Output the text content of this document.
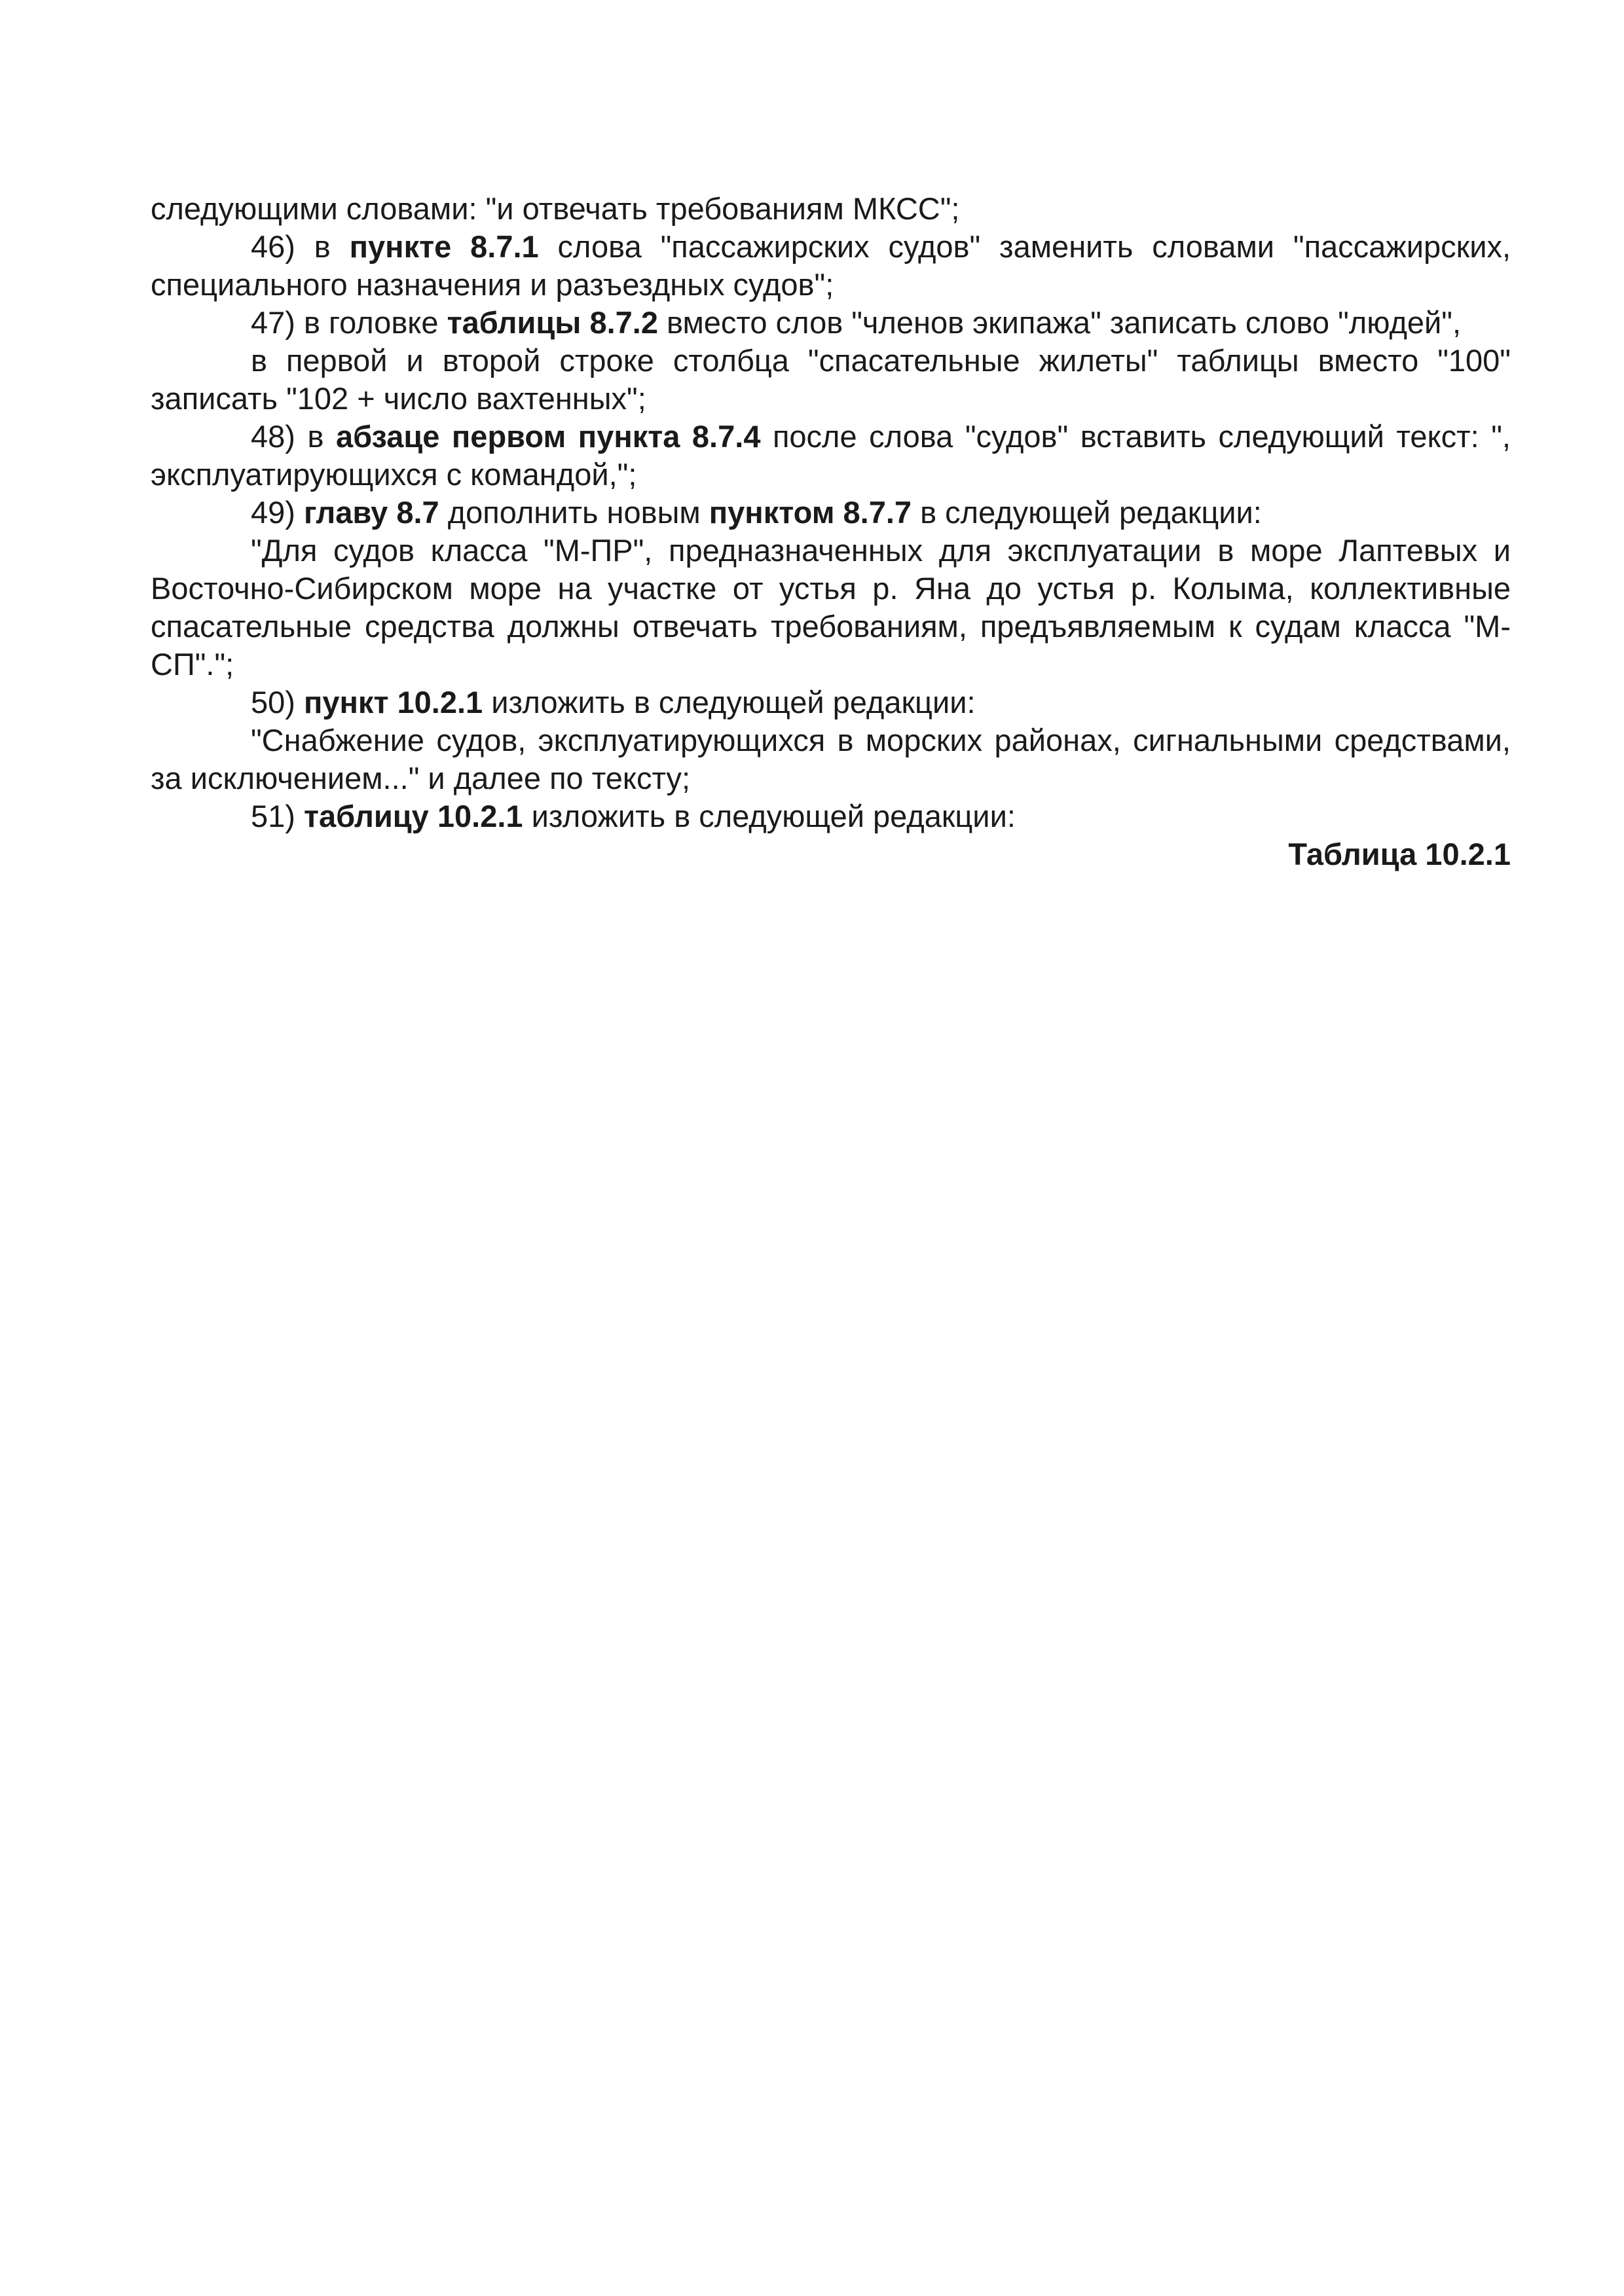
следующими словами: "и отвечать требованиям МКСС";

46) в пункте 8.7.1 слова "пассажирских судов" заменить словами "пассажирских, специального назначения и разъездных судов";

47) в головке таблицы 8.7.2 вместо слов "членов экипажа" записать слово "людей",

в первой и второй строке столбца "спасательные жилеты" таблицы вместо "100" записать "102 + число вахтенных";

48) в абзаце первом пункта 8.7.4 после слова "судов" вставить следующий текст: ", эксплуатирующихся с командой,";

49) главу 8.7 дополнить новым пунктом 8.7.7 в следующей редакции:

"Для судов класса "М-ПР", предназначенных для эксплуатации в море Лаптевых и Восточно-Сибирском море на участке от устья р. Яна до устья р. Колыма, коллективные спасательные средства должны отвечать требованиям, предъявляемым к судам класса "М-СП".";

50) пункт 10.2.1 изложить в следующей редакции:

"Снабжение судов, эксплуатирующихся в морских районах, сигнальными средствами, за исключением..." и далее по тексту;

51) таблицу 10.2.1 изложить в следующей редакции:

Таблица 10.2.1
